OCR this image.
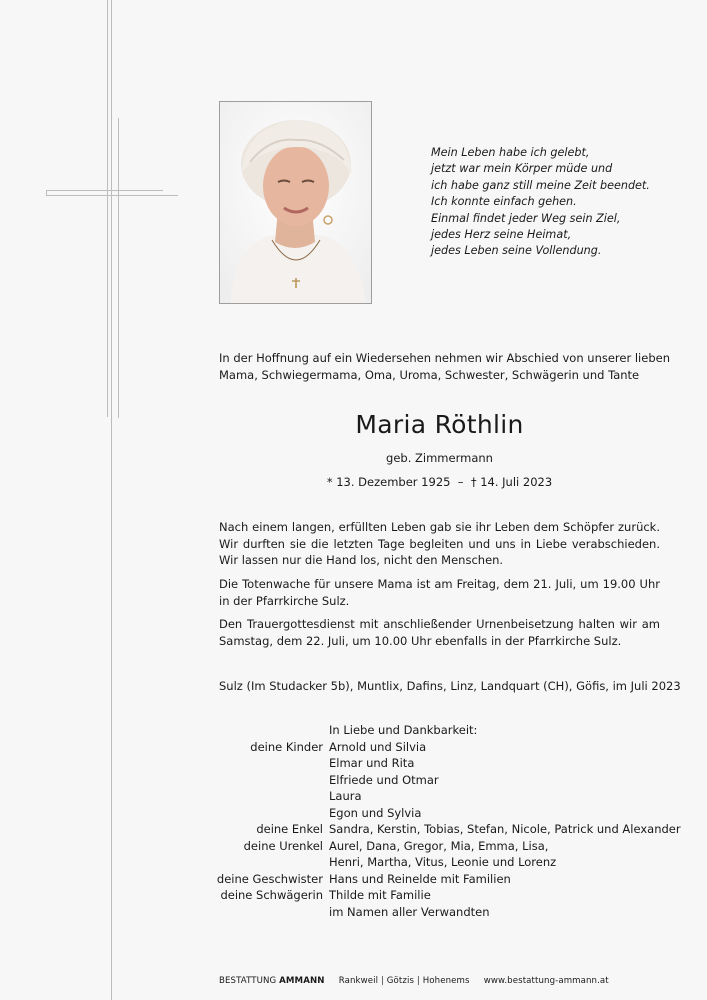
Mein Leben habe ich gelebt,
jetzt war mein Körper müde und
ich habe ganz still meine Zeit beendet.
Ich konnte einfach gehen.
Einmal findet jeder Weg sein Ziel,
jedes Herz seine Heimat,
jedes Leben seine Vollendung.
In der Hoffnung auf ein Wiedersehen nehmen wir Abschied von unserer lieben
Mama, Schwiegermama, Oma, Uroma, Schwester, Schwägerin und Tante
Maria Röthlin
geb. Zimmermann
* 13. Dezember 1925  –  † 14. Juli 2023
Nach einem langen, erfüllten Leben gab sie ihr Leben dem Schöpfer zurück.
Wir durften sie die letzten Tage begleiten und uns in Liebe verabschieden.
Wir lassen nur die Hand los, nicht den Menschen.
Die Totenwache für unsere Mama ist am Freitag, dem 21. Juli, um 19.00 Uhr
in der Pfarrkirche Sulz.
Den Trauergottesdienst mit anschließender Urnenbeisetzung halten wir am
Samstag, dem 22. Juli, um 10.00 Uhr ebenfalls in der Pfarrkirche Sulz.
Sulz (Im Studacker 5b), Muntlix, Dafins, Linz, Landquart (CH), Göfis, im Juli 2023
In Liebe und Dankbarkeit:
deine Kinder Arnold und Silvia
Elmar und Rita
Elfriede und Otmar
Laura
Egon und Sylvia
deine Enkel Sandra, Kerstin, Tobias, Stefan, Nicole, Patrick und Alexander
deine Urenkel Aurel, Dana, Gregor, Mia, Emma, Lisa,
Henri, Martha, Vitus, Leonie und Lorenz
deine Geschwister Hans und Reinelde mit Familien
deine Schwägerin Thilde mit Familie
im Namen aller Verwandten
BESTATTUNG AMMANN Rankweil | Götzis | Hohenems www.bestattung-ammann.at
